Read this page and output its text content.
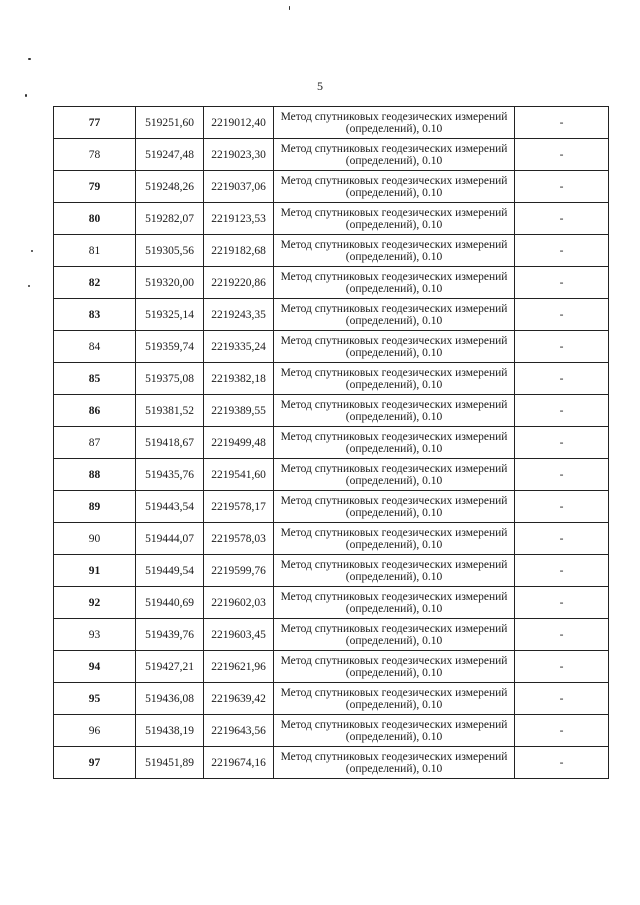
5
77	519251,60	2219012,40	Метод спутниковых геодезических измерений
(определений), 0.10	-
78	519247,48	2219023,30	Метод спутниковых геодезических измерений
(определений), 0.10	-
79	519248,26	2219037,06	Метод спутниковых геодезических измерений
(определений), 0.10	-
80	519282,07	2219123,53	Метод спутниковых геодезических измерений
(определений), 0.10	-
81	519305,56	2219182,68	Метод спутниковых геодезических измерений
(определений), 0.10	-
82	519320,00	2219220,86	Метод спутниковых геодезических измерений
(определений), 0.10	-
83	519325,14	2219243,35	Метод спутниковых геодезических измерений
(определений), 0.10	-
84	519359,74	2219335,24	Метод спутниковых геодезических измерений
(определений), 0.10	-
85	519375,08	2219382,18	Метод спутниковых геодезических измерений
(определений), 0.10	-
86	519381,52	2219389,55	Метод спутниковых геодезических измерений
(определений), 0.10	-
87	519418,67	2219499,48	Метод спутниковых геодезических измерений
(определений), 0.10	-
88	519435,76	2219541,60	Метод спутниковых геодезических измерений
(определений), 0.10	-
89	519443,54	2219578,17	Метод спутниковых геодезических измерений
(определений), 0.10	-
90	519444,07	2219578,03	Метод спутниковых геодезических измерений
(определений), 0.10	-
91	519449,54	2219599,76	Метод спутниковых геодезических измерений
(определений), 0.10	-
92	519440,69	2219602,03	Метод спутниковых геодезических измерений
(определений), 0.10	-
93	519439,76	2219603,45	Метод спутниковых геодезических измерений
(определений), 0.10	-
94	519427,21	2219621,96	Метод спутниковых геодезических измерений
(определений), 0.10	-
95	519436,08	2219639,42	Метод спутниковых геодезических измерений
(определений), 0.10	-
96	519438,19	2219643,56	Метод спутниковых геодезических измерений
(определений), 0.10	-
97	519451,89	2219674,16	Метод спутниковых геодезических измерений
(определений), 0.10	-
